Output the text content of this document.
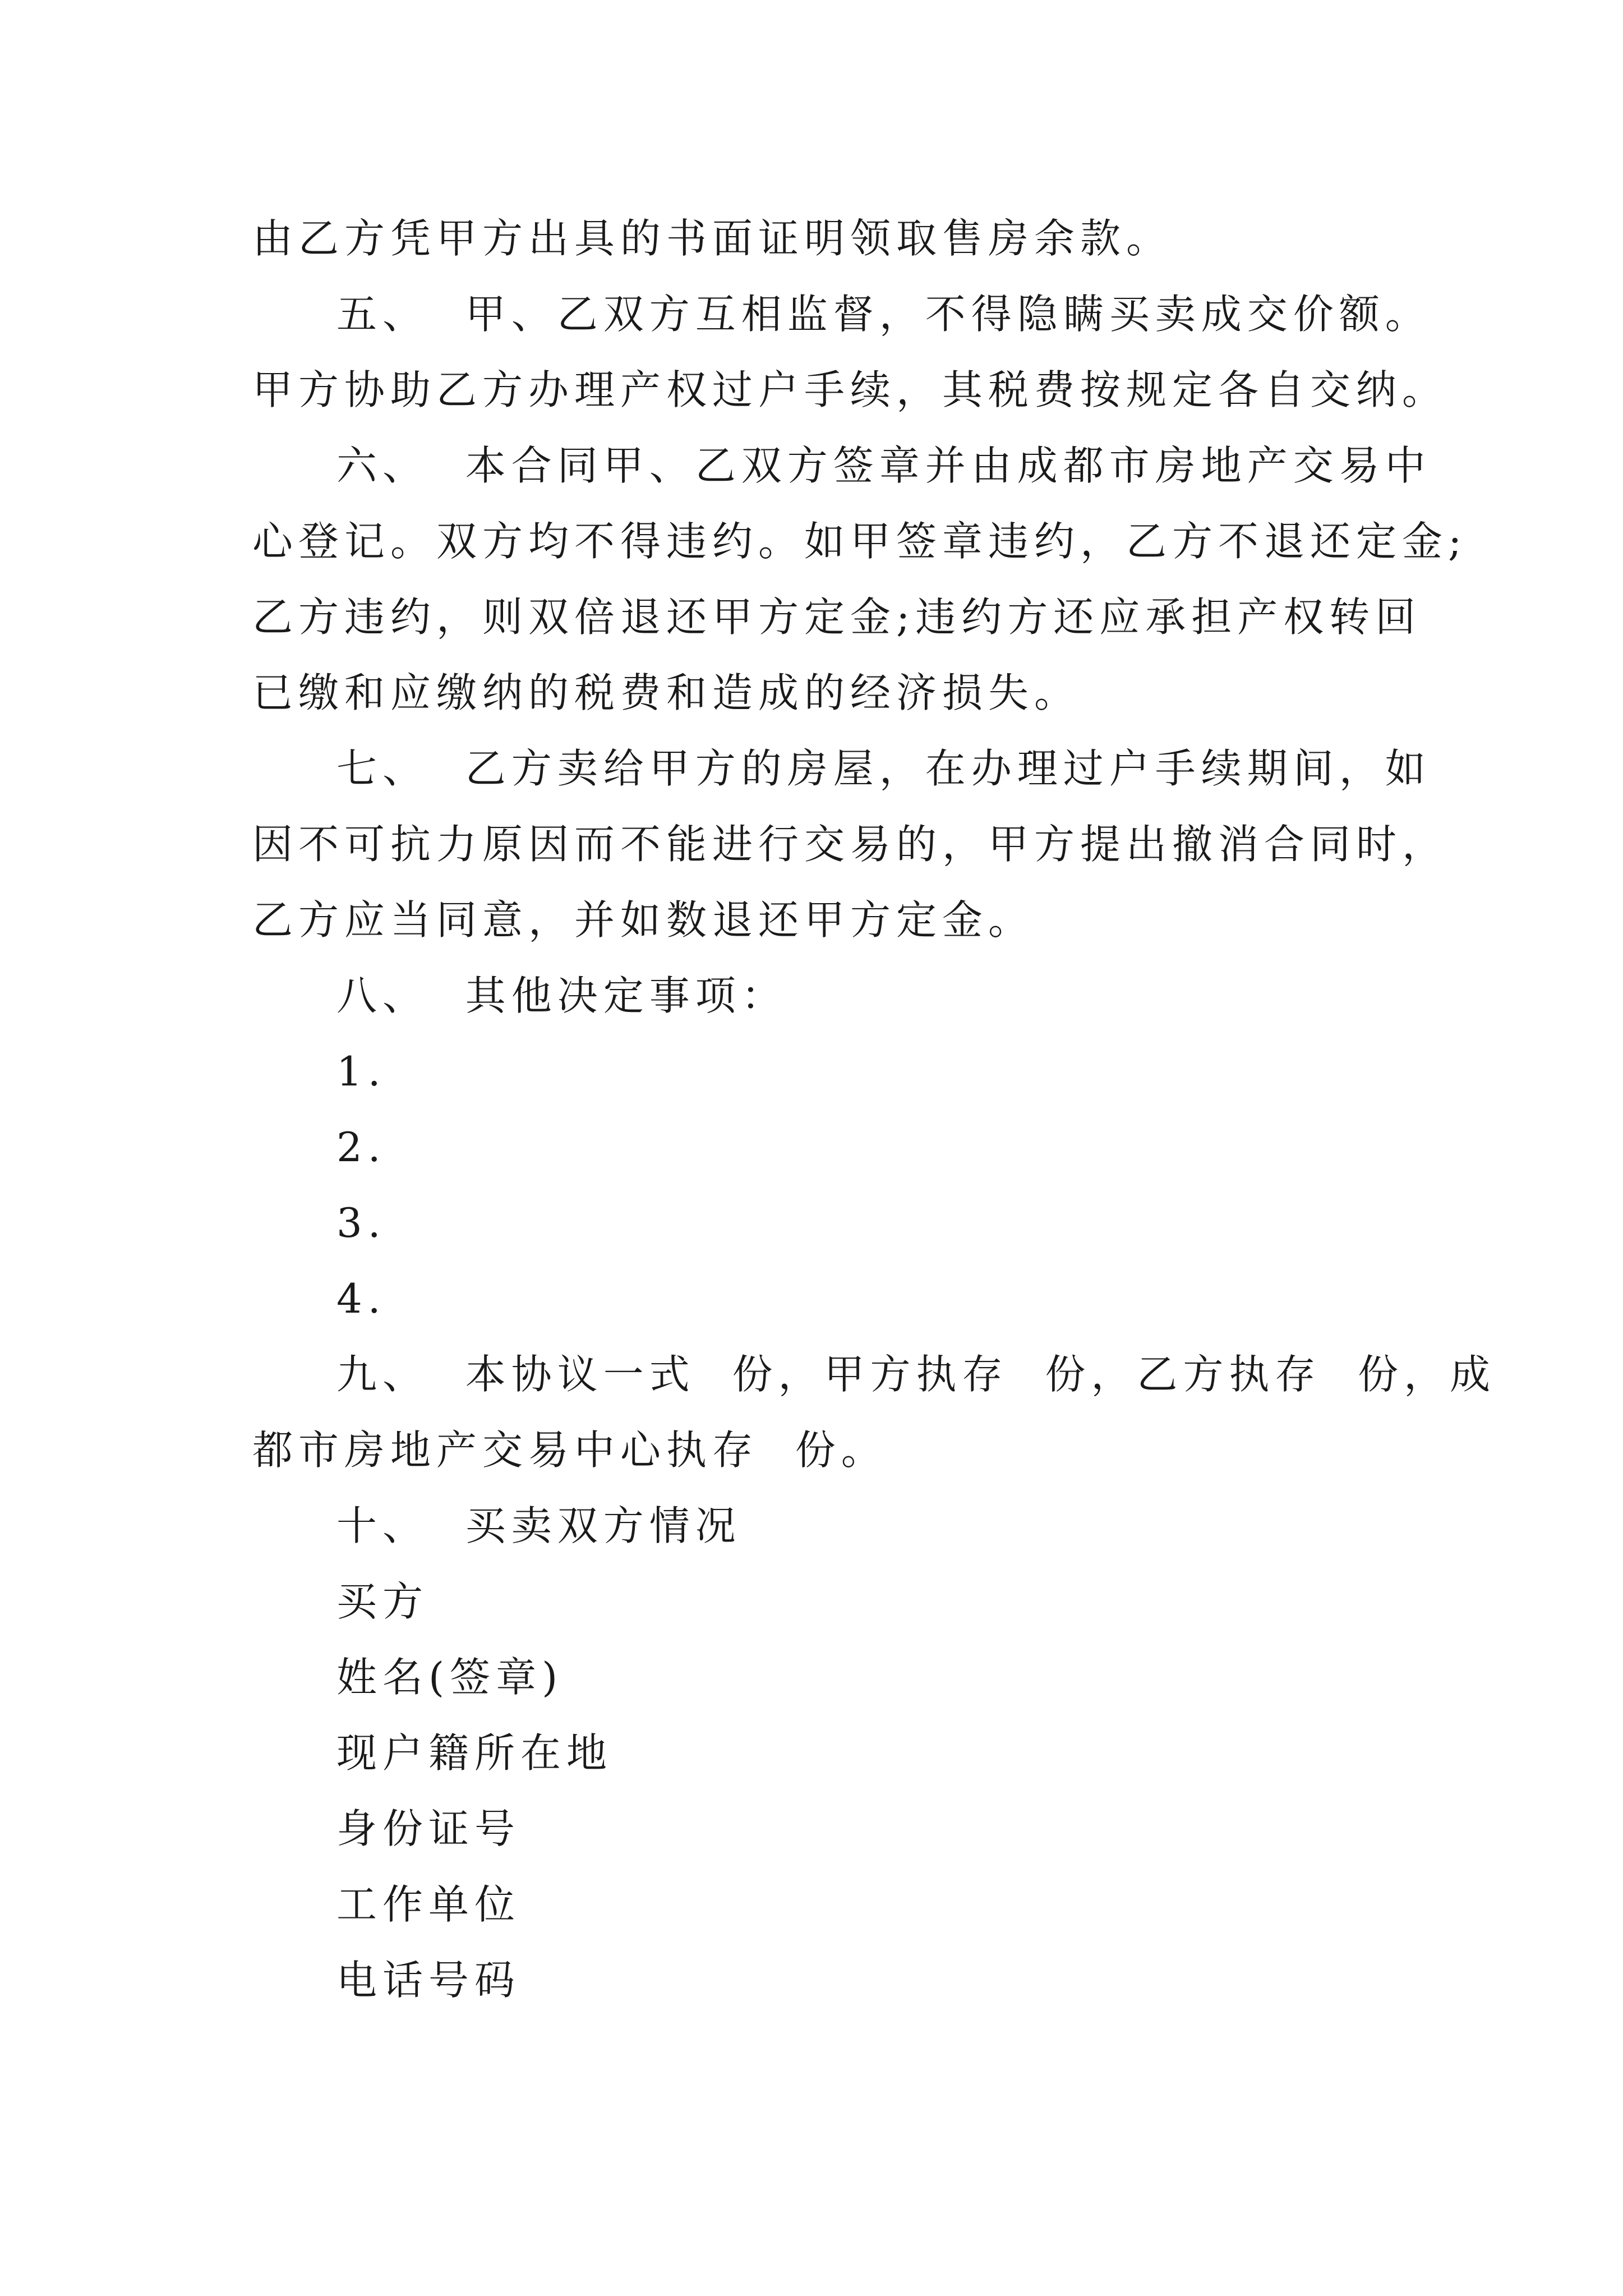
由乙方凭甲方出具的书面证明领取售房余款。
五、  甲、乙双方互相监督，不得隐瞒买卖成交价额。
甲方协助乙方办理产权过户手续，其税费按规定各自交纳。
六、  本合同甲、乙双方签章并由成都市房地产交易中
心登记。双方均不得违约。如甲签章违约，乙方不退还定金;
乙方违约，则双倍退还甲方定金;违约方还应承担产权转回
已缴和应缴纳的税费和造成的经济损失。
七、  乙方卖给甲方的房屋，在办理过户手续期间，如
因不可抗力原因而不能进行交易的，甲方提出撤消合同时，
乙方应当同意，并如数退还甲方定金。
八、  其他决定事项：
1.
2.
3.
4.
九、  本协议一式  份，甲方执存  份，乙方执存  份，成
都市房地产交易中心执存  份。
十、  买卖双方情况
买方
姓名(签章)
现户籍所在地
身份证号
工作单位
电话号码
